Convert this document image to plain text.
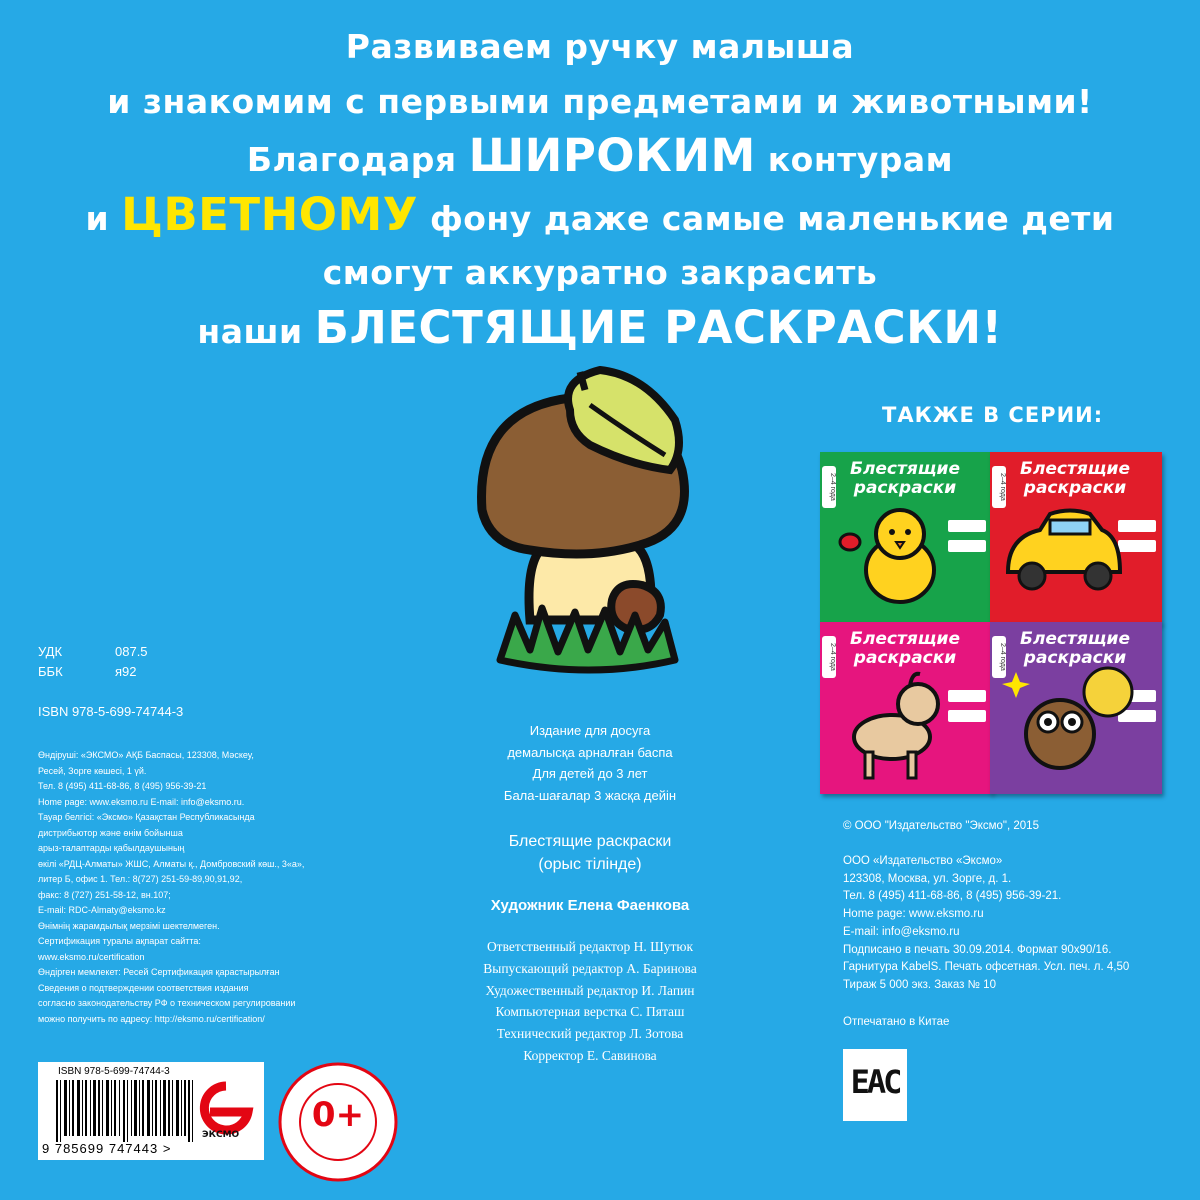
Развиваем ручку малыша
и знакомим с первыми предметами и животными!
Благодаря ШИРОКИМ контурам
и ЦВЕТНОМУ фону даже самые маленькие дети
смогут аккуратно закрасить
наши БЛЕСТЯЩИЕ РАСКРАСКИ!
ТАКЖЕ В СЕРИИ:
Блестящие раскраски
2–4 года
Блестящие раскраски
2–4 года
Блестящие раскраски
2–4 года
Блестящие раскраски
2–4 года
УДК	087.5
ББК	я92
ISBN 978-5-699-74744-3
Өндіруші: «ЭКСМО» АҚБ Баспасы, 123308, Мәскеу,
Ресей, Зорге көшесі, 1 үй.
Тел. 8 (495) 411-68-86, 8 (495) 956-39-21
Home page: www.eksmo.ru E-mail: info@eksmo.ru.
Тауар белгісі: «Эксмо» Қазақстан Республикасында
дистрибьютор және өнім бойынша
арыз-талаптарды қабылдаушының
өкілі «РДЦ-Алматы» ЖШС, Алматы қ., Домбровский көш., 3«а»,
литер Б, офис 1. Тел.: 8(727) 251-59-89,90,91,92,
факс: 8 (727) 251-58-12, вн.107;
E-mail: RDC-Almaty@eksmo.kz
Өнімнің жарамдылық мерзімі шектелмеген.
Сертификация туралы ақпарат сайтта:
www.eksmo.ru/certification
Өндірген мемлекет: Ресей Сертификация қарастырылған
Сведения о подтверждении соответствия издания
согласно законодательству РФ о техническом регулировании
можно получить по адресу: http://eksmo.ru/certification/
Издание для досуга
демалысқа арналған баспа
Для детей до 3 лет
Бала-шағалар 3 жасқа дейін
Блестящие раскраски
(орыс тілінде)
Художник Елена Фаенкова
Ответственный редактор Н. Шутюк
Выпускающий редактор А. Баринова
Художественный редактор И. Лапин
Компьютерная верстка С. Пяташ
Технический редактор Л. Зотова
Корректор Е. Савинова
© ООО "Издательство "Эксмо", 2015
ООО «Издательство «Эксмо»
123308, Москва, ул. Зорге, д. 1.
Тел. 8 (495) 411-68-86, 8 (495) 956-39-21.
Home page: www.eksmo.ru
E-mail: info@eksmo.ru
Подписано в печать 30.09.2014. Формат 90x90/16.
Гарнитура KabelS. Печать офсетная. Усл. печ. л. 4,50
Тираж 5 000 экз. Заказ № 10
Отпечатано в Китае
ISBN 978-5-699-74744-3
9 785699 747443 >
ЭКСМО	0+
EAC
